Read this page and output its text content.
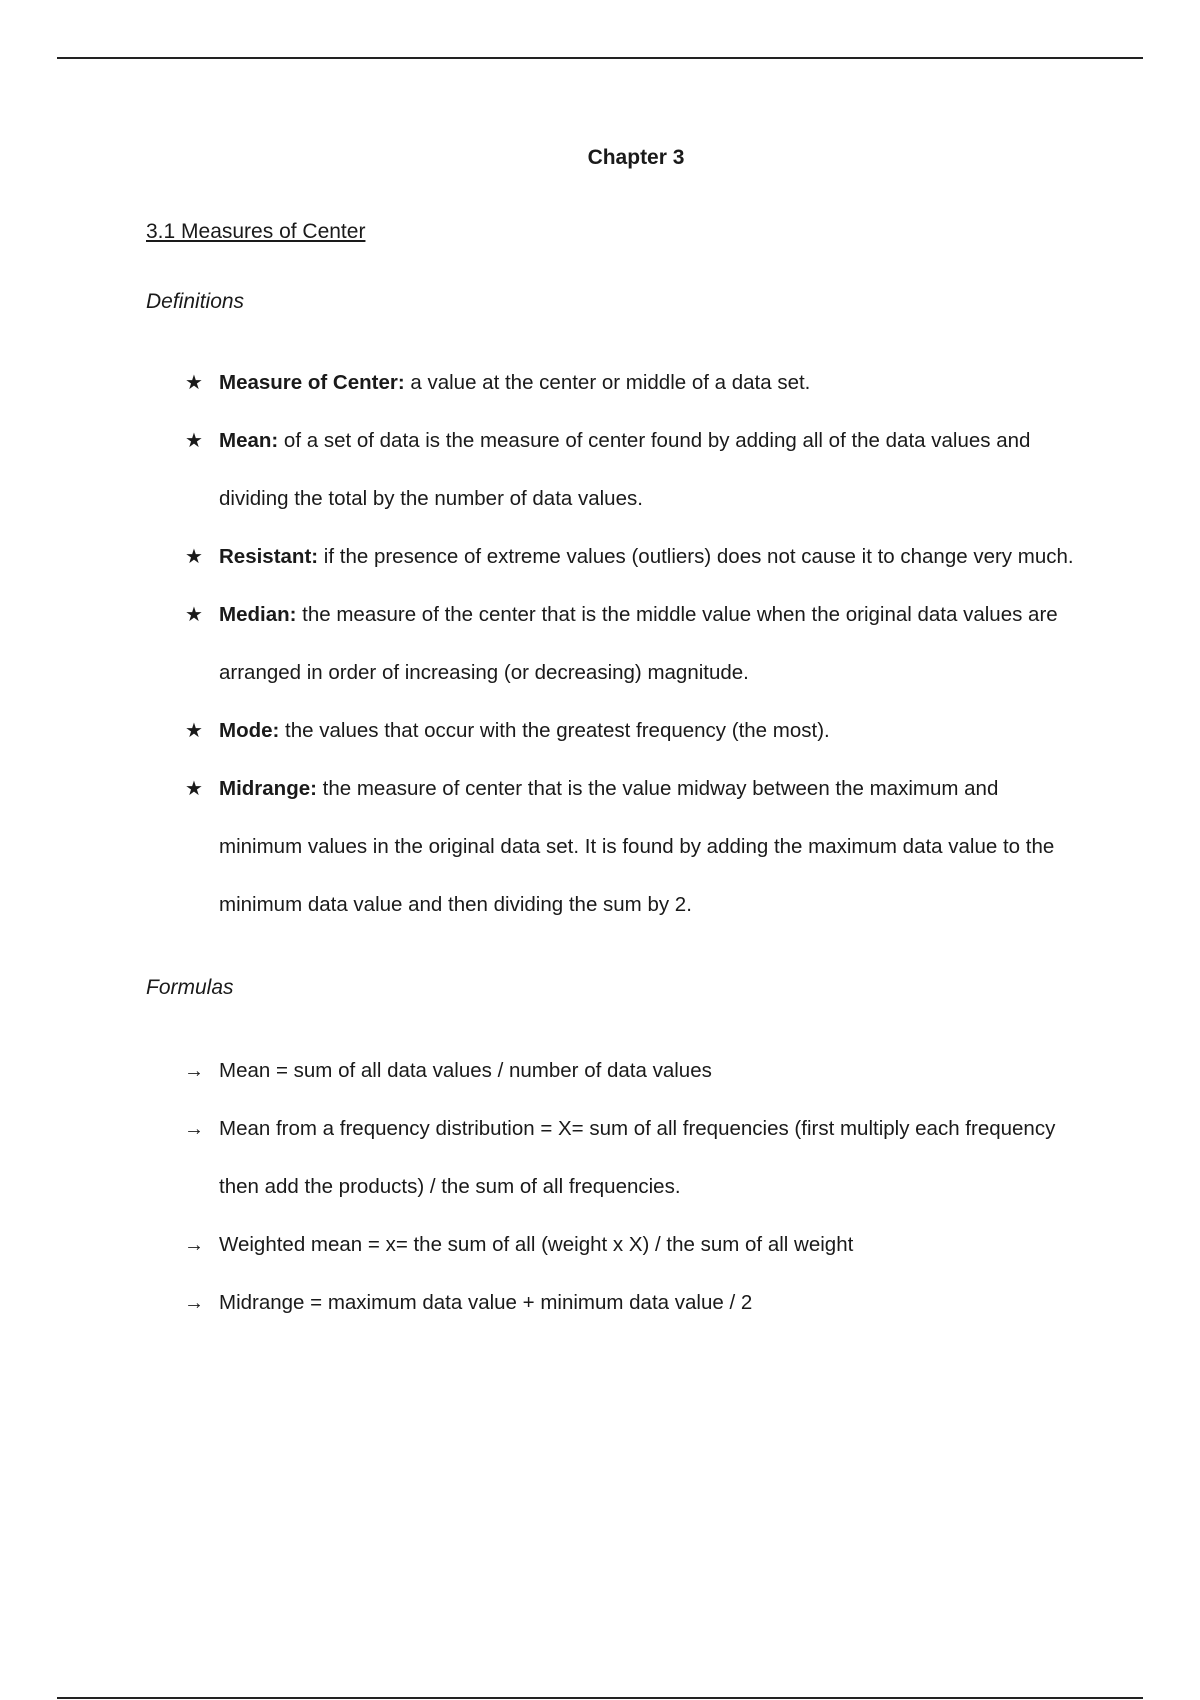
Chapter 3
3.1 Measures of Center
Definitions
★ Measure of Center: a value at the center or middle of a data set.
★ Mean: of a set of data is the measure of center found by adding all of the data values and dividing the total by the number of data values.
★ Resistant: if the presence of extreme values (outliers) does not cause it to change very much.
★ Median: the measure of the center that is the middle value when the original data values are arranged in order of increasing (or decreasing) magnitude.
★ Mode: the values that occur with the greatest frequency (the most).
★ Midrange: the measure of center that is the value midway between the maximum and minimum values in the original data set. It is found by adding the maximum data value to the minimum data value and then dividing the sum by 2.
Formulas
→ Mean = sum of all data values / number of data values
→ Mean from a frequency distribution = X= sum of all frequencies (first multiply each frequency then add the products) / the sum of all frequencies.
→ Weighted mean = x= the sum of all (weight x X) / the sum of all weight
→ Midrange = maximum data value + minimum data value / 2
